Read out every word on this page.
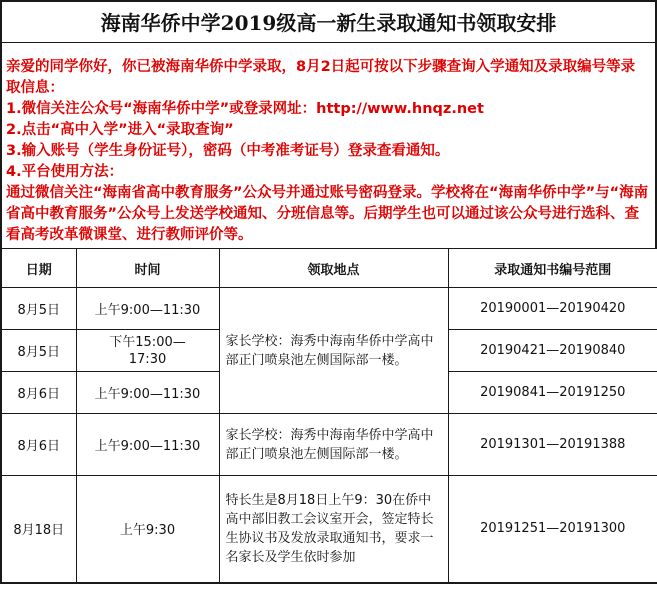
海南华侨中学2019级高一新生录取通知书领取安排

亲爱的同学你好，你已被海南华侨中学录取，8月2日起可按以下步骤查询入学通知及录取编号等录取信息：

1.微信关注公众号“海南华侨中学”或登录网址：http://www.hnqz.net

2.点击“高中入学”进入“录取查询”

3.输入账号（学生身份证号），密码（中考准考证号）登录查看通知。

4.平台使用方法：

通过微信关注“海南省高中教育服务”公众号并通过账号密码登录。学校将在“海南华侨中学”与“海南省高中教育服务”公众号上发送学校通知、分班信息等。后期学生也可以通过该公众号进行选科、查看高考改革微课堂、进行教师评价等。

日期	时间	领取地点	录取通知书编号范围
8月5日	上午9:00—11:30	家长学校：海秀中海南华侨中学高中部正门喷泉池左侧国际部一楼。	20190001—20190420
8月5日	下午15:00—
17:30		20190421—20190840
8月6日	上午9:00—11:30		20190841—20191250
8月6日	上午9:00—11:30	家长学校：海秀中海南华侨中学高中部正门喷泉池左侧国际部一楼。	20191301—20191388
8月18日	上午9:30	特长生是8月18日上午9：30在侨中高中部旧教工会议室开会，签定特长生协议书及发放录取通知书，要求一名家长及学生依时参加	20191251—20191300
